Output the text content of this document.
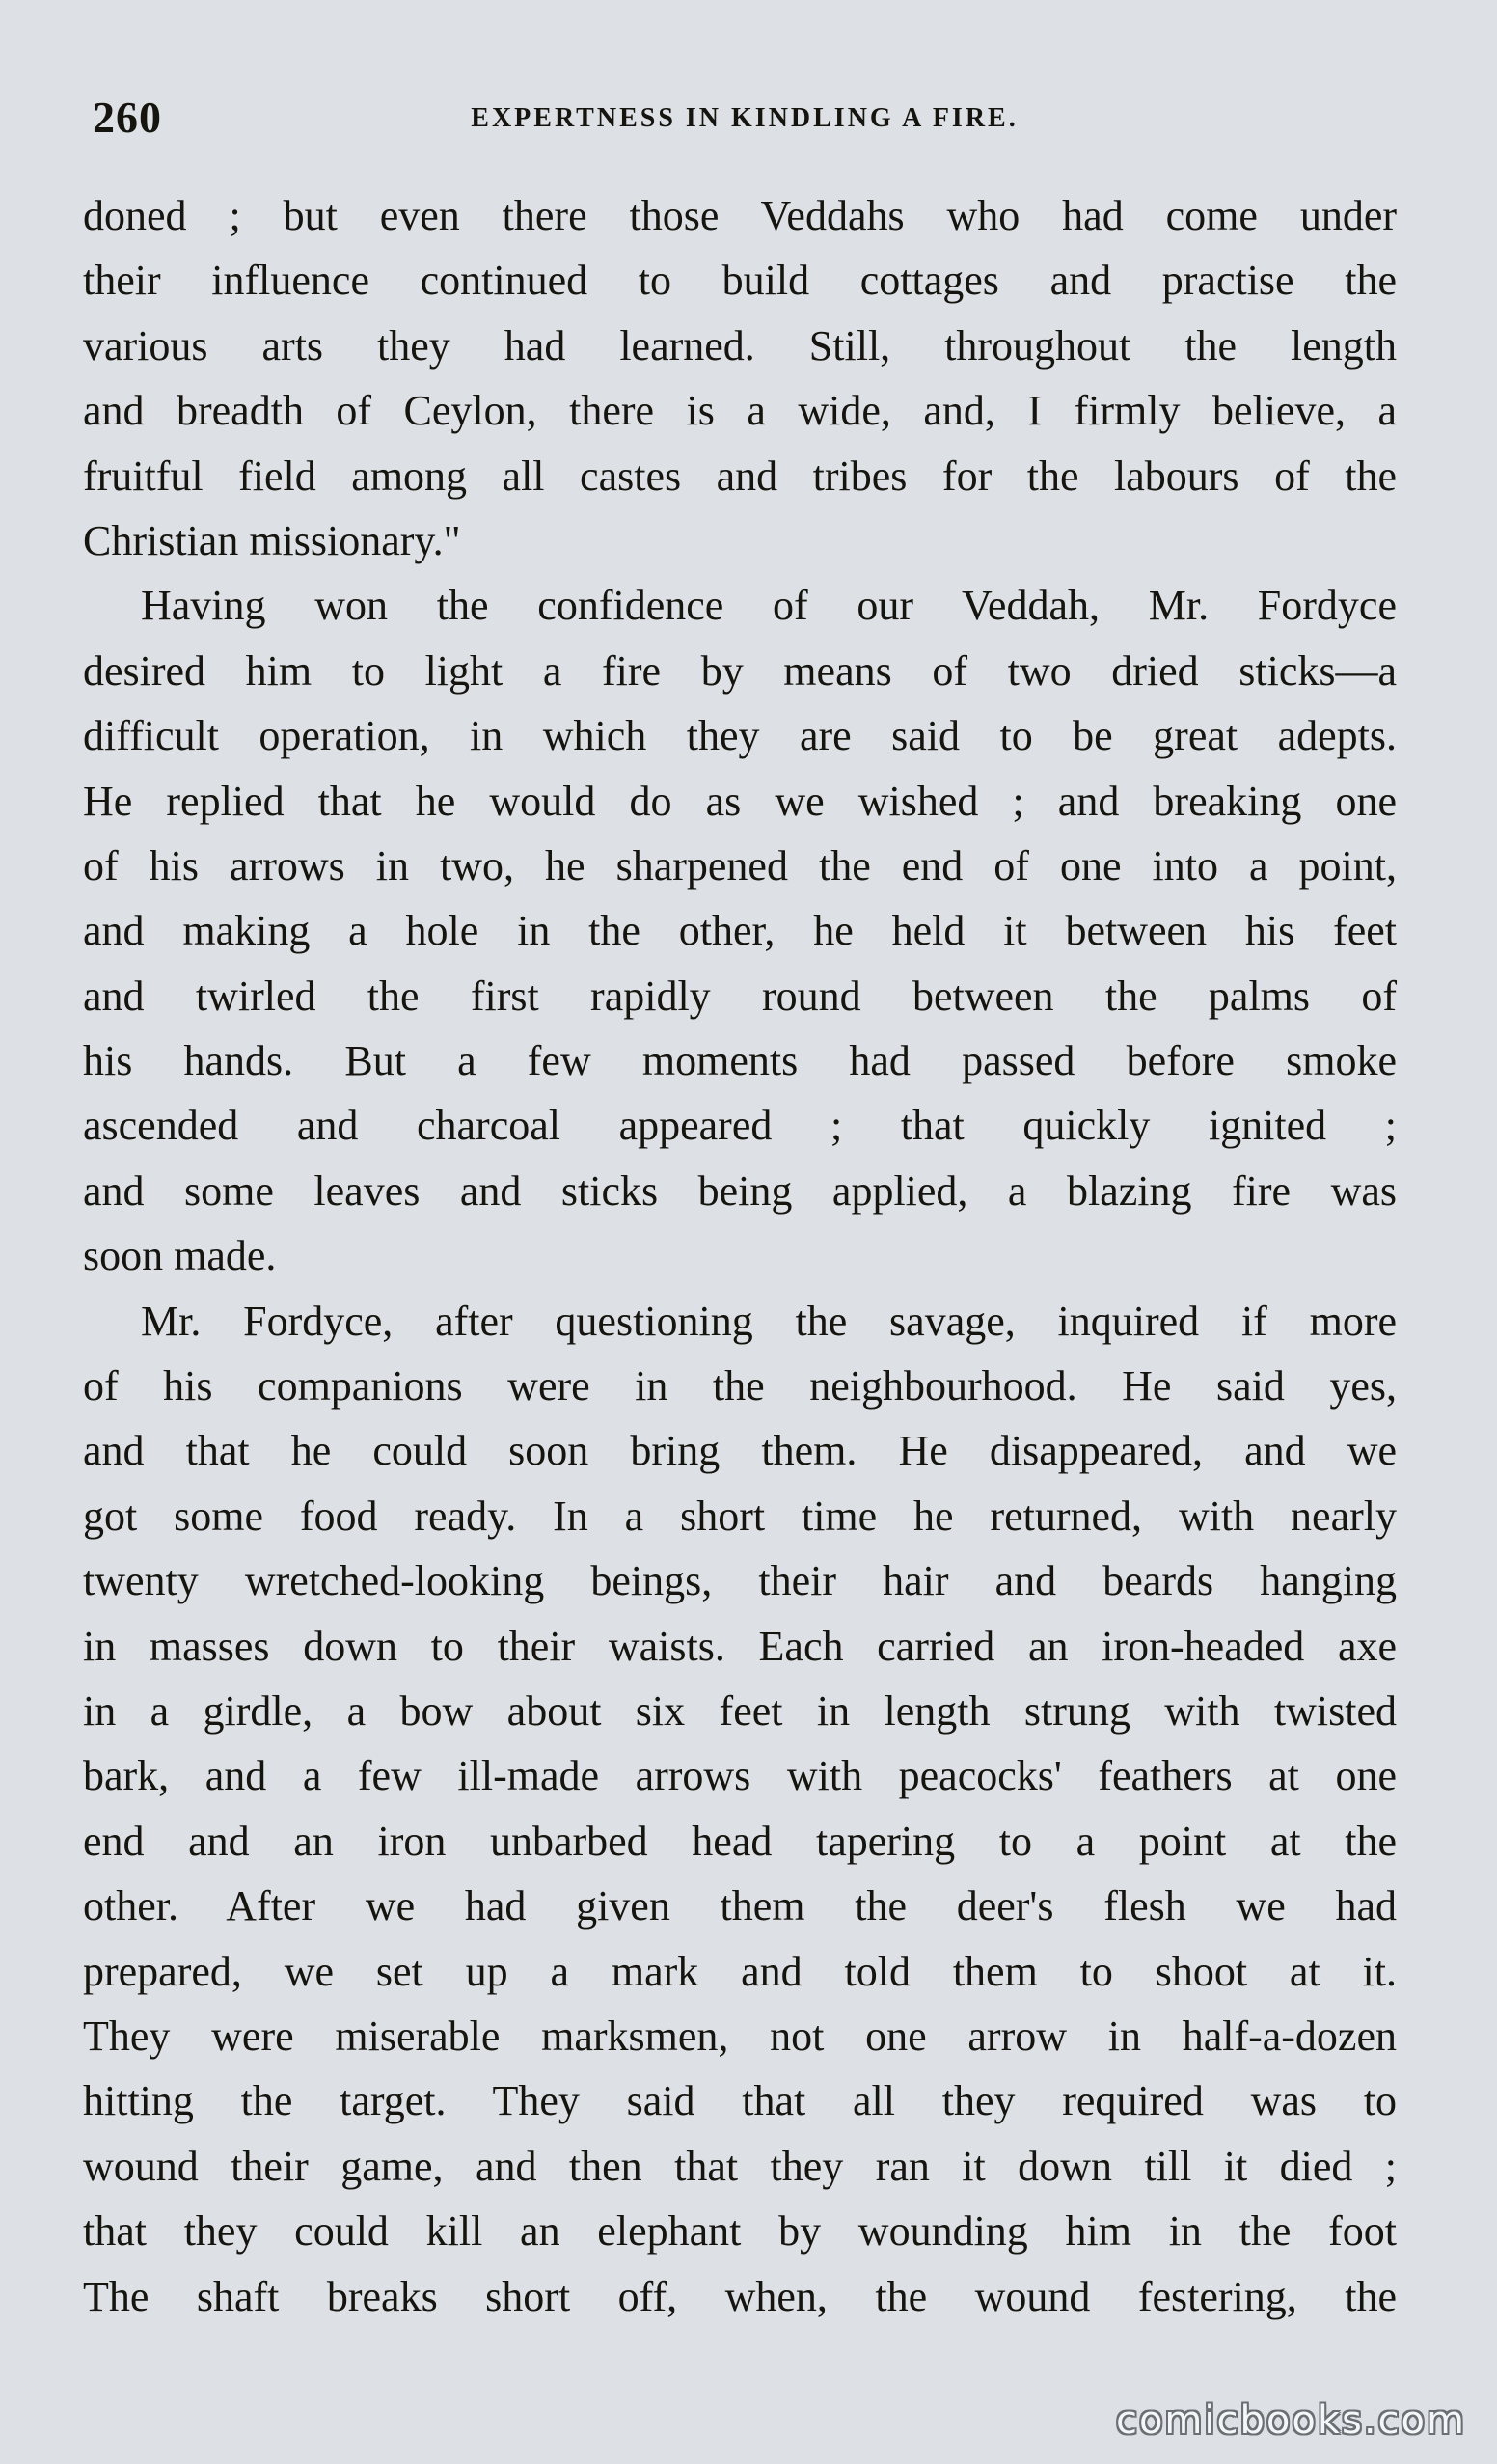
260	EXPERTNESS IN KINDLING A FIRE.
doned ; but even there those Veddahs who had come under
their influence continued to build cottages and practise the
various arts they had learned. Still, throughout the length
and breadth of Ceylon, there is a wide, and, I firmly believe, a
fruitful field among all castes and tribes for the labours of the
Christian missionary."
Having won the confidence of our Veddah, Mr. Fordyce
desired him to light a fire by means of two dried sticks—a
difficult operation, in which they are said to be great adepts.
He replied that he would do as we wished ; and breaking one
of his arrows in two, he sharpened the end of one into a point,
and making a hole in the other, he held it between his feet
and twirled the first rapidly round between the palms of
his hands. But a few moments had passed before smoke
ascended and charcoal appeared ; that quickly ignited ;
and some leaves and sticks being applied, a blazing fire was
soon made.
Mr. Fordyce, after questioning the savage, inquired if more
of his companions were in the neighbourhood. He said yes,
and that he could soon bring them. He disappeared, and we
got some food ready. In a short time he returned, with nearly
twenty wretched-looking beings, their hair and beards hanging
in masses down to their waists. Each carried an iron-headed axe
in a girdle, a bow about six feet in length strung with twisted
bark, and a few ill-made arrows with peacocks' feathers at one
end and an iron unbarbed head tapering to a point at the
other. After we had given them the deer's flesh we had
prepared, we set up a mark and told them to shoot at it.
They were miserable marksmen, not one arrow in half-a-dozen
hitting the target. They said that all they required was to
wound their game, and then that they ran it down till it died ;
that they could kill an elephant by wounding him in the foot
The shaft breaks short off, when, the wound festering, the
comicbooks.com
